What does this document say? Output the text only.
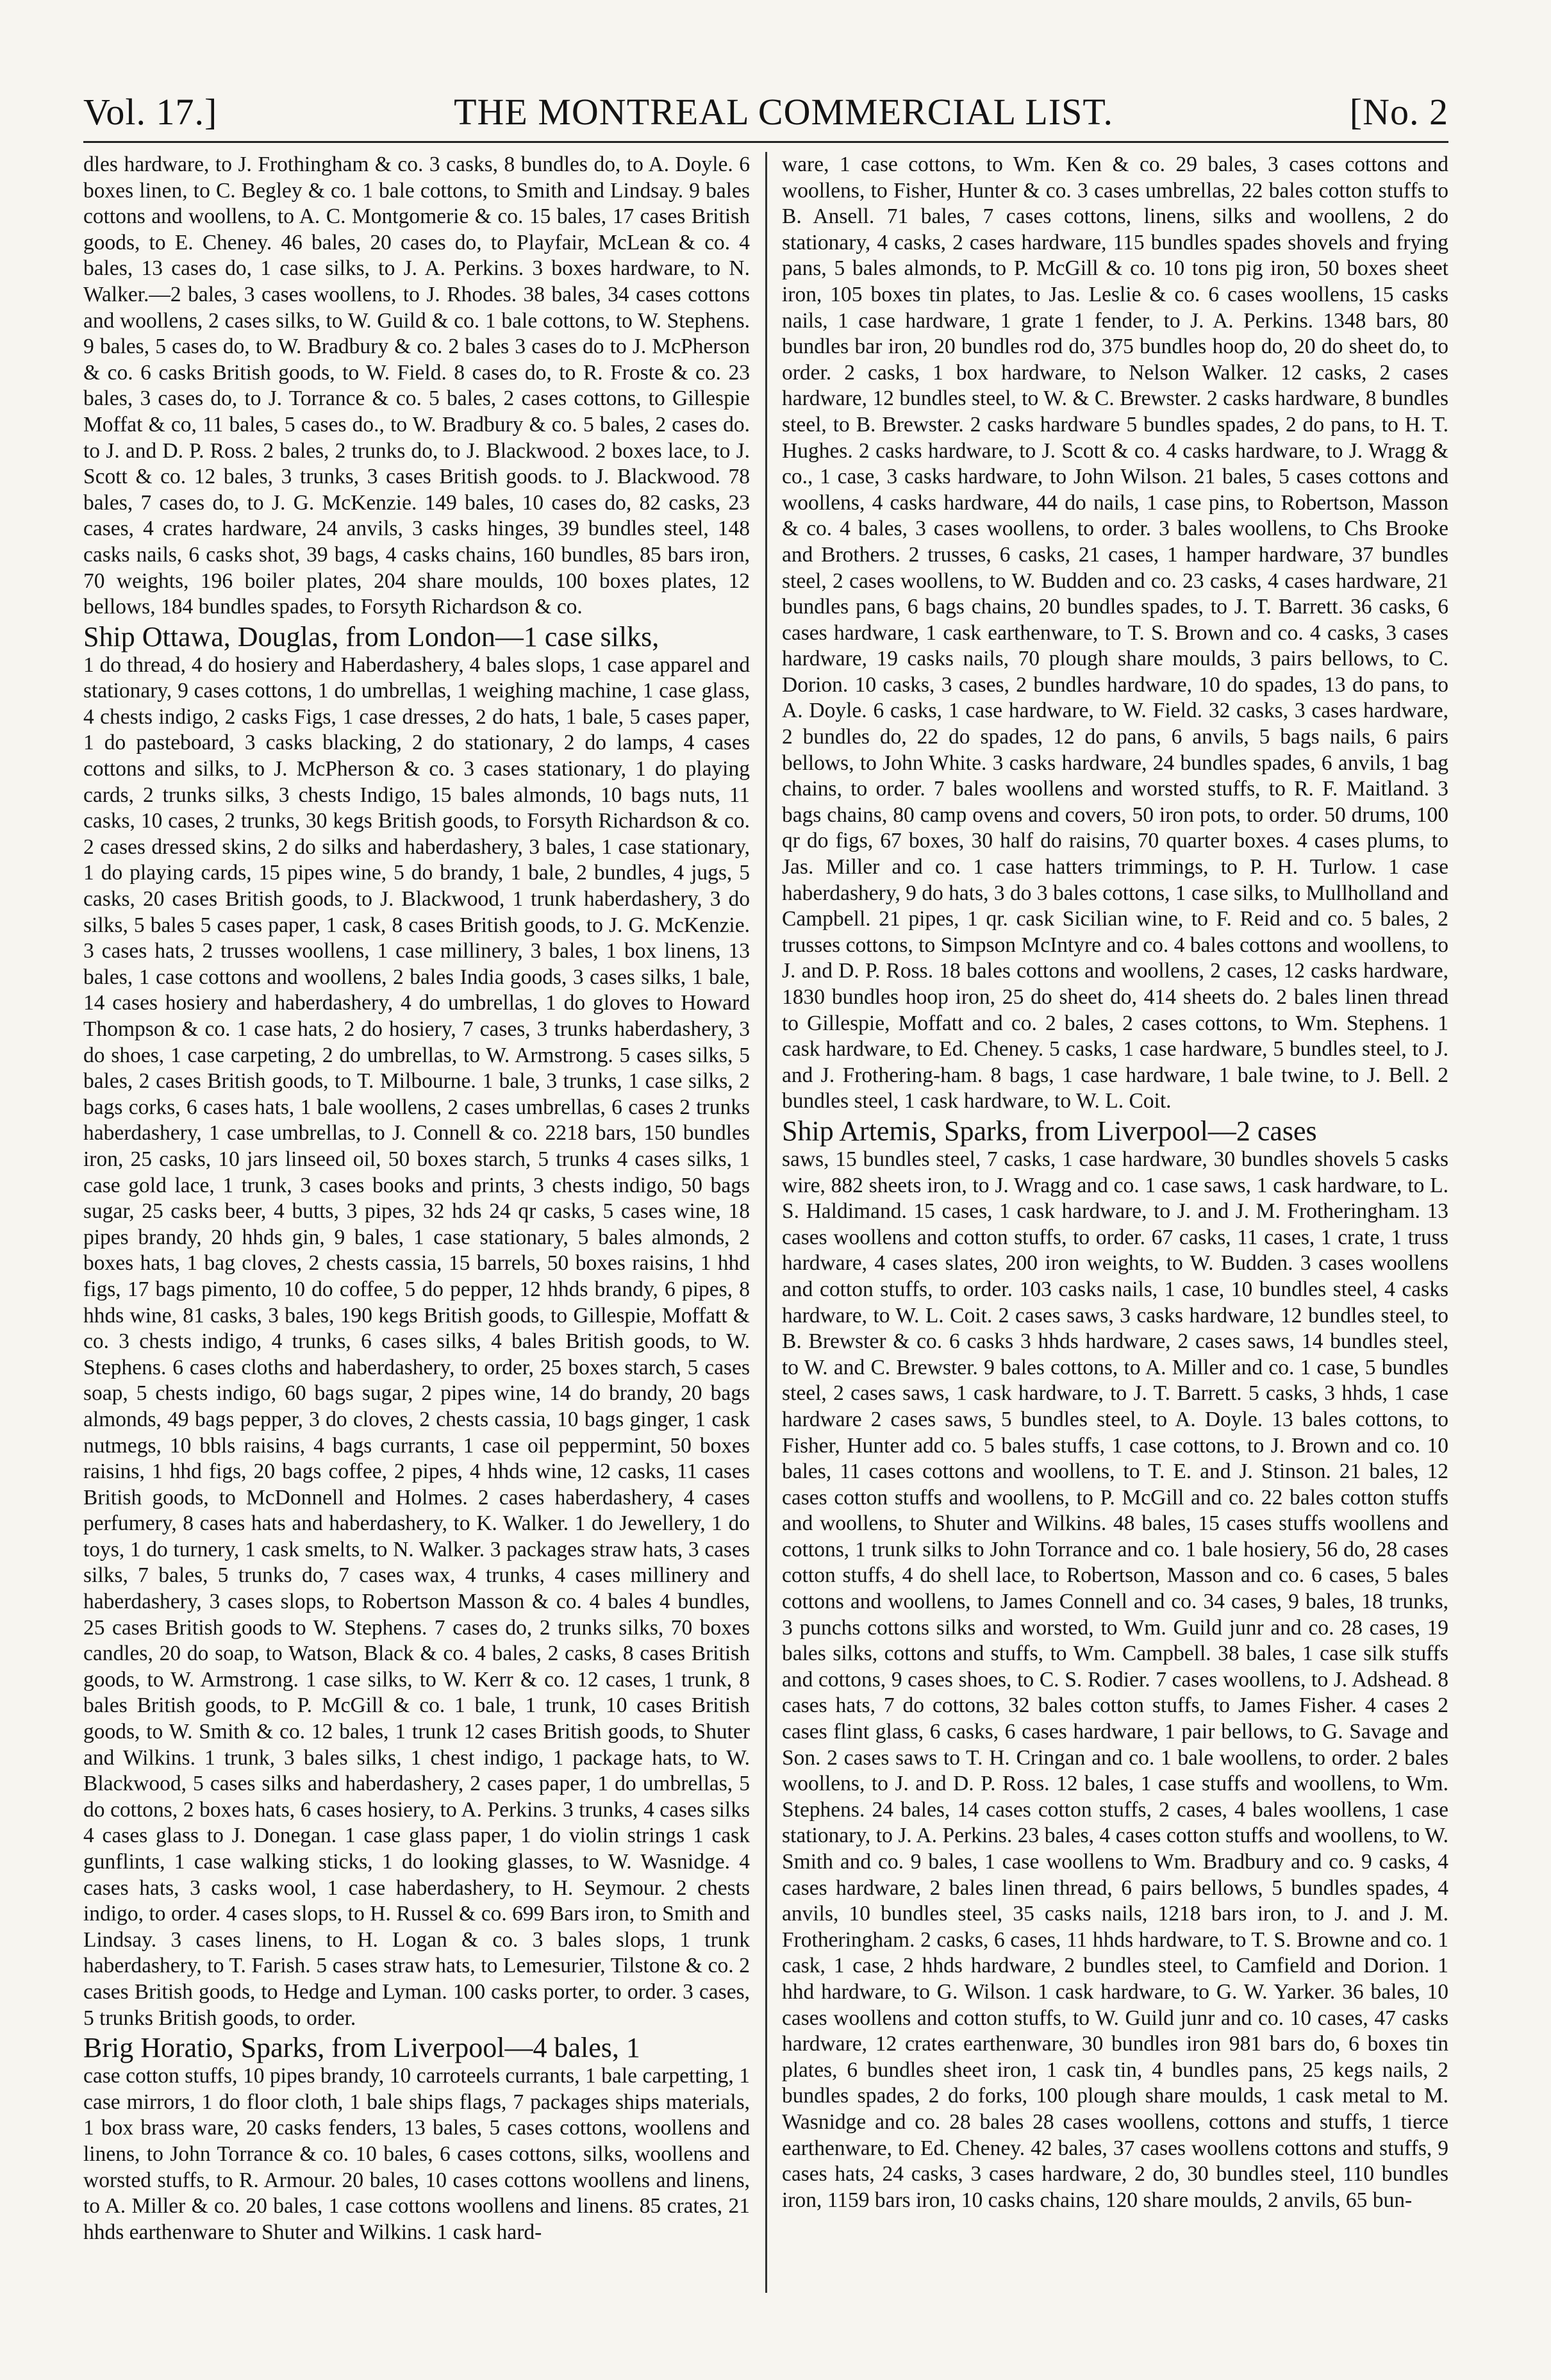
Vol. 17.]	THE MONTREAL COMMERCIAL LIST.	[No. 2

dles hardware, to J. Frothingham & co. 3 casks, 8 bundles do, to A. Doyle. 6 boxes linen, to C. Begley & co. 1 bale cottons, to Smith and Lindsay. 9 bales cottons and woollens, to A. C. Montgomerie & co. 15 bales, 17 cases British goods, to E. Cheney. 46 bales, 20 cases do, to Playfair, McLean & co. 4 bales, 13 cases do, 1 case silks, to J. A. Perkins. 3 boxes hardware, to N. Walker.—2 bales, 3 cases woollens, to J. Rhodes. 38 bales, 34 cases cottons and woollens, 2 cases silks, to W. Guild & co. 1 bale cottons, to W. Stephens. 9 bales, 5 cases do, to W. Bradbury & co. 2 bales 3 cases do to J. McPherson & co. 6 casks British goods, to W. Field. 8 cases do, to R. Froste & co. 23 bales, 3 cases do, to J. Torrance & co. 5 bales, 2 cases cottons, to Gillespie Moffat & co, 11 bales, 5 cases do., to W. Bradbury & co. 5 bales, 2 cases do. to J. and D. P. Ross. 2 bales, 2 trunks do, to J. Blackwood. 2 boxes lace, to J. Scott & co. 12 bales, 3 trunks, 3 cases British goods. to J. Blackwood. 78 bales, 7 cases do, to J. G. McKenzie. 149 bales, 10 cases do, 82 casks, 23 cases, 4 crates hardware, 24 anvils, 3 casks hinges, 39 bundles steel, 148 casks nails, 6 casks shot, 39 bags, 4 casks chains, 160 bundles, 85 bars iron, 70 weights, 196 boiler plates, 204 share moulds, 100 boxes plates, 12 bellows, 184 bundles spades, to Forsyth Richardson & co.

Ship Ottawa, Douglas, from London—1 case silks,

1 do thread, 4 do hosiery and Haberdashery, 4 bales slops, 1 case apparel and stationary, 9 cases cottons, 1 do umbrellas, 1 weighing machine, 1 case glass, 4 chests indigo, 2 casks Figs, 1 case dresses, 2 do hats, 1 bale, 5 cases paper, 1 do pasteboard, 3 casks blacking, 2 do stationary, 2 do lamps, 4 cases cottons and silks, to J. McPherson & co. 3 cases stationary, 1 do playing cards, 2 trunks silks, 3 chests Indigo, 15 bales almonds, 10 bags nuts, 11 casks, 10 cases, 2 trunks, 30 kegs British goods, to Forsyth Richardson & co. 2 cases dressed skins, 2 do silks and haberdashery, 3 bales, 1 case stationary, 1 do playing cards, 15 pipes wine, 5 do brandy, 1 bale, 2 bundles, 4 jugs, 5 casks, 20 cases British goods, to J. Blackwood, 1 trunk haberdashery, 3 do silks, 5 bales 5 cases paper, 1 cask, 8 cases British goods, to J. G. McKenzie. 3 cases hats, 2 trusses woollens, 1 case millinery, 3 bales, 1 box linens, 13 bales, 1 case cottons and woollens, 2 bales India goods, 3 cases silks, 1 bale, 14 cases hosiery and haberdashery, 4 do umbrellas, 1 do gloves to Howard Thompson & co. 1 case hats, 2 do hosiery, 7 cases, 3 trunks haberdashery, 3 do shoes, 1 case carpeting, 2 do umbrellas, to W. Armstrong. 5 cases silks, 5 bales, 2 cases British goods, to T. Milbourne. 1 bale, 3 trunks, 1 case silks, 2 bags corks, 6 cases hats, 1 bale woollens, 2 cases umbrellas, 6 cases 2 trunks haberdashery, 1 case umbrellas, to J. Connell & co. 2218 bars, 150 bundles iron, 25 casks, 10 jars linseed oil, 50 boxes starch, 5 trunks 4 cases silks, 1 case gold lace, 1 trunk, 3 cases books and prints, 3 chests indigo, 50 bags sugar, 25 casks beer, 4 butts, 3 pipes, 32 hds 24 qr casks, 5 cases wine, 18 pipes brandy, 20 hhds gin, 9 bales, 1 case stationary, 5 bales almonds, 2 boxes hats, 1 bag cloves, 2 chests cassia, 15 barrels, 50 boxes raisins, 1 hhd figs, 17 bags pimento, 10 do coffee, 5 do pepper, 12 hhds brandy, 6 pipes, 8 hhds wine, 81 casks, 3 bales, 190 kegs British goods, to Gillespie, Moffatt & co. 3 chests indigo, 4 trunks, 6 cases silks, 4 bales British goods, to W. Stephens. 6 cases cloths and haberdashery, to order, 25 boxes starch, 5 cases soap, 5 chests indigo, 60 bags sugar, 2 pipes wine, 14 do brandy, 20 bags almonds, 49 bags pepper, 3 do cloves, 2 chests cassia, 10 bags ginger, 1 cask nutmegs, 10 bbls raisins, 4 bags currants, 1 case oil peppermint, 50 boxes raisins, 1 hhd figs, 20 bags coffee, 2 pipes, 4 hhds wine, 12 casks, 11 cases British goods, to McDonnell and Holmes. 2 cases haberdashery, 4 cases perfumery, 8 cases hats and haberdashery, to K. Walker. 1 do Jewellery, 1 do toys, 1 do turnery, 1 cask smelts, to N. Walker. 3 packages straw hats, 3 cases silks, 7 bales, 5 trunks do, 7 cases wax, 4 trunks, 4 cases millinery and haberdashery, 3 cases slops, to Robertson Masson & co. 4 bales 4 bundles, 25 cases British goods to W. Stephens. 7 cases do, 2 trunks silks, 70 boxes candles, 20 do soap, to Watson, Black & co. 4 bales, 2 casks, 8 cases British goods, to W. Armstrong. 1 case silks, to W. Kerr & co. 12 cases, 1 trunk, 8 bales British goods, to P. McGill & co. 1 bale, 1 trunk, 10 cases British goods, to W. Smith & co. 12 bales, 1 trunk 12 cases British goods, to Shuter and Wilkins. 1 trunk, 3 bales silks, 1 chest indigo, 1 package hats, to W. Blackwood, 5 cases silks and haberdashery, 2 cases paper, 1 do umbrellas, 5 do cottons, 2 boxes hats, 6 cases hosiery, to A. Perkins. 3 trunks, 4 cases silks 4 cases glass to J. Donegan. 1 case glass paper, 1 do violin strings 1 cask gunflints, 1 case walking sticks, 1 do looking glasses, to W. Wasnidge. 4 cases hats, 3 casks wool, 1 case haberdashery, to H. Seymour. 2 chests indigo, to order. 4 cases slops, to H. Russel & co. 699 Bars iron, to Smith and Lindsay. 3 cases linens, to H. Logan & co. 3 bales slops, 1 trunk haberdashery, to T. Farish. 5 cases straw hats, to Lemesurier, Tilstone & co. 2 cases British goods, to Hedge and Lyman. 100 casks porter, to order. 3 cases, 5 trunks British goods, to order.

Brig Horatio, Sparks, from Liverpool—4 bales, 1

case cotton stuffs, 10 pipes brandy, 10 carroteels currants, 1 bale carpetting, 1 case mirrors, 1 do floor cloth, 1 bale ships flags, 7 packages ships materials, 1 box brass ware, 20 casks fenders, 13 bales, 5 cases cottons, woollens and linens, to John Torrance & co. 10 bales, 6 cases cottons, silks, woollens and worsted stuffs, to R. Armour. 20 bales, 10 cases cottons woollens and linens, to A. Miller & co. 20 bales, 1 case cottons woollens and linens. 85 crates, 21 hhds earthenware to Shuter and Wilkins. 1 cask hard-

ware, 1 case cottons, to Wm. Ken & co. 29 bales, 3 cases cottons and woollens, to Fisher, Hunter & co. 3 cases umbrellas, 22 bales cotton stuffs to B. Ansell. 71 bales, 7 cases cottons, linens, silks and woollens, 2 do stationary, 4 casks, 2 cases hardware, 115 bundles spades shovels and frying pans, 5 bales almonds, to P. McGill & co. 10 tons pig iron, 50 boxes sheet iron, 105 boxes tin plates, to Jas. Leslie & co. 6 cases woollens, 15 casks nails, 1 case hardware, 1 grate 1 fender, to J. A. Perkins. 1348 bars, 80 bundles bar iron, 20 bundles rod do, 375 bundles hoop do, 20 do sheet do, to order. 2 casks, 1 box hardware, to Nelson Walker. 12 casks, 2 cases hardware, 12 bundles steel, to W. & C. Brewster. 2 casks hardware, 8 bundles steel, to B. Brewster. 2 casks hardware 5 bundles spades, 2 do pans, to H. T. Hughes. 2 casks hardware, to J. Scott & co. 4 casks hardware, to J. Wragg & co., 1 case, 3 casks hardware, to John Wilson. 21 bales, 5 cases cottons and woollens, 4 casks hardware, 44 do nails, 1 case pins, to Robertson, Masson & co. 4 bales, 3 cases woollens, to order. 3 bales woollens, to Chs Brooke and Brothers. 2 trusses, 6 casks, 21 cases, 1 hamper hardware, 37 bundles steel, 2 cases woollens, to W. Budden and co. 23 casks, 4 cases hardware, 21 bundles pans, 6 bags chains, 20 bundles spades, to J. T. Barrett. 36 casks, 6 cases hardware, 1 cask earthenware, to T. S. Brown and co. 4 casks, 3 cases hardware, 19 casks nails, 70 plough share moulds, 3 pairs bellows, to C. Dorion. 10 casks, 3 cases, 2 bundles hardware, 10 do spades, 13 do pans, to A. Doyle. 6 casks, 1 case hardware, to W. Field. 32 casks, 3 cases hardware, 2 bundles do, 22 do spades, 12 do pans, 6 anvils, 5 bags nails, 6 pairs bellows, to John White. 3 casks hardware, 24 bundles spades, 6 anvils, 1 bag chains, to order. 7 bales woollens and worsted stuffs, to R. F. Maitland. 3 bags chains, 80 camp ovens and covers, 50 iron pots, to order. 50 drums, 100 qr do figs, 67 boxes, 30 half do raisins, 70 quarter boxes. 4 cases plums, to Jas. Miller and co. 1 case hatters trimmings, to P. H. Turlow. 1 case haberdashery, 9 do hats, 3 do 3 bales cottons, 1 case silks, to Mullholland and Campbell. 21 pipes, 1 qr. cask Sicilian wine, to F. Reid and co. 5 bales, 2 trusses cottons, to Simpson McIntyre and co. 4 bales cottons and woollens, to J. and D. P. Ross. 18 bales cottons and woollens, 2 cases, 12 casks hardware, 1830 bundles hoop iron, 25 do sheet do, 414 sheets do. 2 bales linen thread to Gillespie, Moffatt and co. 2 bales, 2 cases cottons, to Wm. Stephens. 1 cask hardware, to Ed. Cheney. 5 casks, 1 case hardware, 5 bundles steel, to J. and J. Frothering-ham. 8 bags, 1 case hardware, 1 bale twine, to J. Bell. 2 bundles steel, 1 cask hardware, to W. L. Coit.

Ship Artemis, Sparks, from Liverpool—2 cases

saws, 15 bundles steel, 7 casks, 1 case hardware, 30 bundles shovels 5 casks wire, 882 sheets iron, to J. Wragg and co. 1 case saws, 1 cask hardware, to L. S. Haldimand. 15 cases, 1 cask hardware, to J. and J. M. Frotheringham. 13 cases woollens and cotton stuffs, to order. 67 casks, 11 cases, 1 crate, 1 truss hardware, 4 cases slates, 200 iron weights, to W. Budden. 3 cases woollens and cotton stuffs, to order. 103 casks nails, 1 case, 10 bundles steel, 4 casks hardware, to W. L. Coit. 2 cases saws, 3 casks hardware, 12 bundles steel, to B. Brewster & co. 6 casks 3 hhds hardware, 2 cases saws, 14 bundles steel, to W. and C. Brewster. 9 bales cottons, to A. Miller and co. 1 case, 5 bundles steel, 2 cases saws, 1 cask hardware, to J. T. Barrett. 5 casks, 3 hhds, 1 case hardware 2 cases saws, 5 bundles steel, to A. Doyle. 13 bales cottons, to Fisher, Hunter add co. 5 bales stuffs, 1 case cottons, to J. Brown and co. 10 bales, 11 cases cottons and woollens, to T. E. and J. Stinson. 21 bales, 12 cases cotton stuffs and woollens, to P. McGill and co. 22 bales cotton stuffs and woollens, to Shuter and Wilkins. 48 bales, 15 cases stuffs woollens and cottons, 1 trunk silks to John Torrance and co. 1 bale hosiery, 56 do, 28 cases cotton stuffs, 4 do shell lace, to Robertson, Masson and co. 6 cases, 5 bales cottons and woollens, to James Connell and co. 34 cases, 9 bales, 18 trunks, 3 punchs cottons silks and worsted, to Wm. Guild junr and co. 28 cases, 19 bales silks, cottons and stuffs, to Wm. Campbell. 38 bales, 1 case silk stuffs and cottons, 9 cases shoes, to C. S. Rodier. 7 cases woollens, to J. Adshead. 8 cases hats, 7 do cottons, 32 bales cotton stuffs, to James Fisher. 4 cases 2 cases flint glass, 6 casks, 6 cases hardware, 1 pair bellows, to G. Savage and Son. 2 cases saws to T. H. Cringan and co. 1 bale woollens, to order. 2 bales woollens, to J. and D. P. Ross. 12 bales, 1 case stuffs and woollens, to Wm. Stephens. 24 bales, 14 cases cotton stuffs, 2 cases, 4 bales woollens, 1 case stationary, to J. A. Perkins. 23 bales, 4 cases cotton stuffs and woollens, to W. Smith and co. 9 bales, 1 case woollens to Wm. Bradbury and co. 9 casks, 4 cases hardware, 2 bales linen thread, 6 pairs bellows, 5 bundles spades, 4 anvils, 10 bundles steel, 35 casks nails, 1218 bars iron, to J. and J. M. Frotheringham. 2 casks, 6 cases, 11 hhds hardware, to T. S. Browne and co. 1 cask, 1 case, 2 hhds hardware, 2 bundles steel, to Camfield and Dorion. 1 hhd hardware, to G. Wilson. 1 cask hardware, to G. W. Yarker. 36 bales, 10 cases woollens and cotton stuffs, to W. Guild junr and co. 10 cases, 47 casks hardware, 12 crates earthenware, 30 bundles iron 981 bars do, 6 boxes tin plates, 6 bundles sheet iron, 1 cask tin, 4 bundles pans, 25 kegs nails, 2 bundles spades, 2 do forks, 100 plough share moulds, 1 cask metal to M. Wasnidge and co. 28 bales 28 cases woollens, cottons and stuffs, 1 tierce earthenware, to Ed. Cheney. 42 bales, 37 cases woollens cottons and stuffs, 9 cases hats, 24 casks, 3 cases hardware, 2 do, 30 bundles steel, 110 bundles iron, 1159 bars iron, 10 casks chains, 120 share moulds, 2 anvils, 65 bun-
